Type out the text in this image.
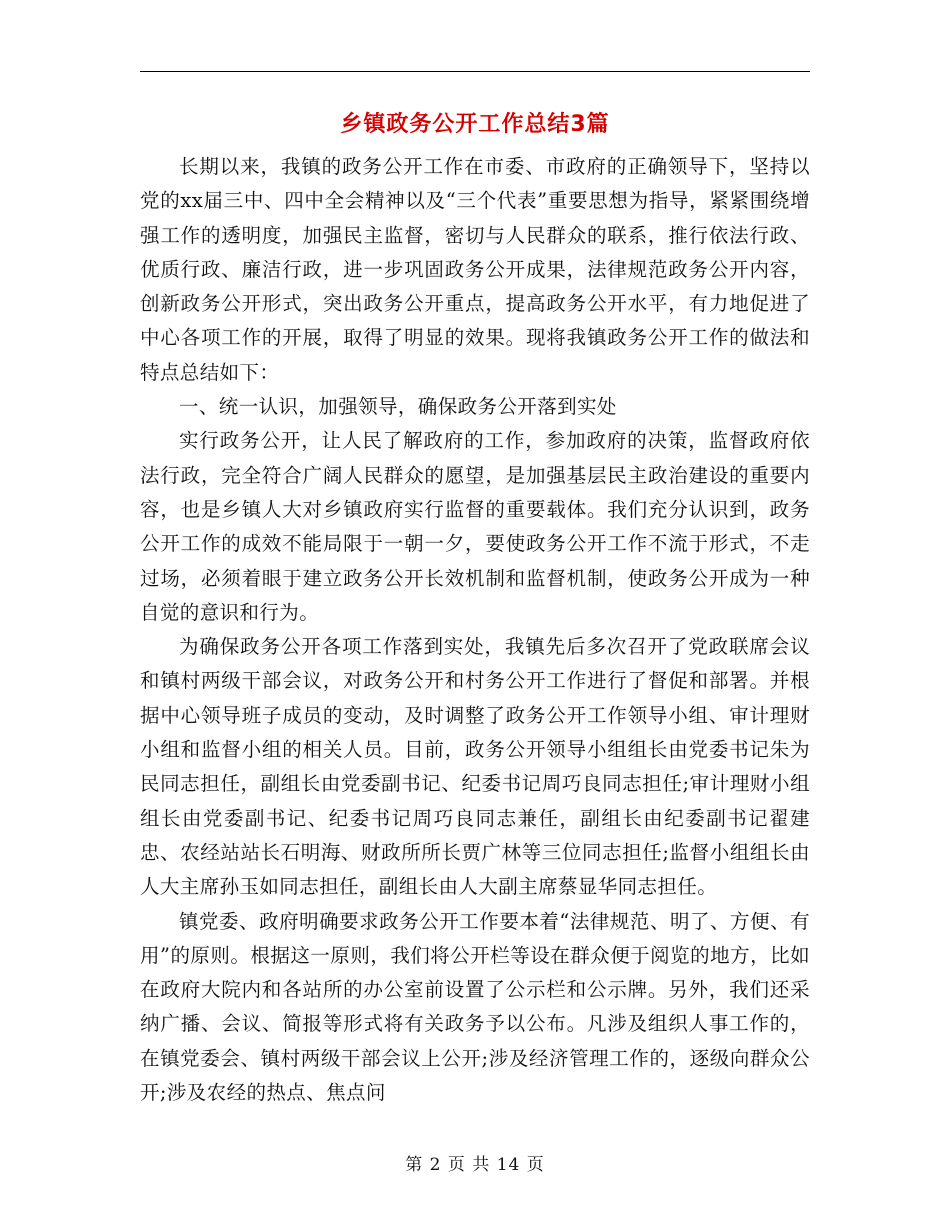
乡镇政务公开工作总结3篇

长期以来，我镇的政务公开工作在市委、市政府的正确领导下，坚持以党的xx届三中、四中全会精神以及“三个代表”重要思想为指导，紧紧围绕增强工作的透明度，加强民主监督，密切与人民群众的联系，推行依法行政、优质行政、廉洁行政，进一步巩固政务公开成果，法律规范政务公开内容，创新政务公开形式，突出政务公开重点，提高政务公开水平，有力地促进了中心各项工作的开展，取得了明显的效果。现将我镇政务公开工作的做法和特点总结如下：

一、统一认识，加强领导，确保政务公开落到实处

实行政务公开，让人民了解政府的工作，参加政府的决策，监督政府依法行政，完全符合广阔人民群众的愿望，是加强基层民主政治建设的重要内容，也是乡镇人大对乡镇政府实行监督的重要载体。我们充分认识到，政务公开工作的成效不能局限于一朝一夕，要使政务公开工作不流于形式，不走过场，必须着眼于建立政务公开长效机制和监督机制，使政务公开成为一种自觉的意识和行为。

为确保政务公开各项工作落到实处，我镇先后多次召开了党政联席会议和镇村两级干部会议，对政务公开和村务公开工作进行了督促和部署。并根据中心领导班子成员的变动，及时调整了政务公开工作领导小组、审计理财小组和监督小组的相关人员。目前，政务公开领导小组组长由党委书记朱为民同志担任，副组长由党委副书记、纪委书记周巧良同志担任;审计理财小组组长由党委副书记、纪委书记周巧良同志兼任，副组长由纪委副书记翟建忠、农经站站长石明海、财政所所长贾广林等三位同志担任;监督小组组长由人大主席孙玉如同志担任，副组长由人大副主席蔡显华同志担任。

镇党委、政府明确要求政务公开工作要本着“法律规范、明了、方便、有用”的原则。根据这一原则，我们将公开栏等设在群众便于阅览的地方，比如在政府大院内和各站所的办公室前设置了公示栏和公示牌。另外，我们还采纳广播、会议、简报等形式将有关政务予以公布。凡涉及组织人事工作的，在镇党委会、镇村两级干部会议上公开;涉及经济管理工作的，逐级向群众公开;涉及农经的热点、焦点问

第 2 页 共 14 页
